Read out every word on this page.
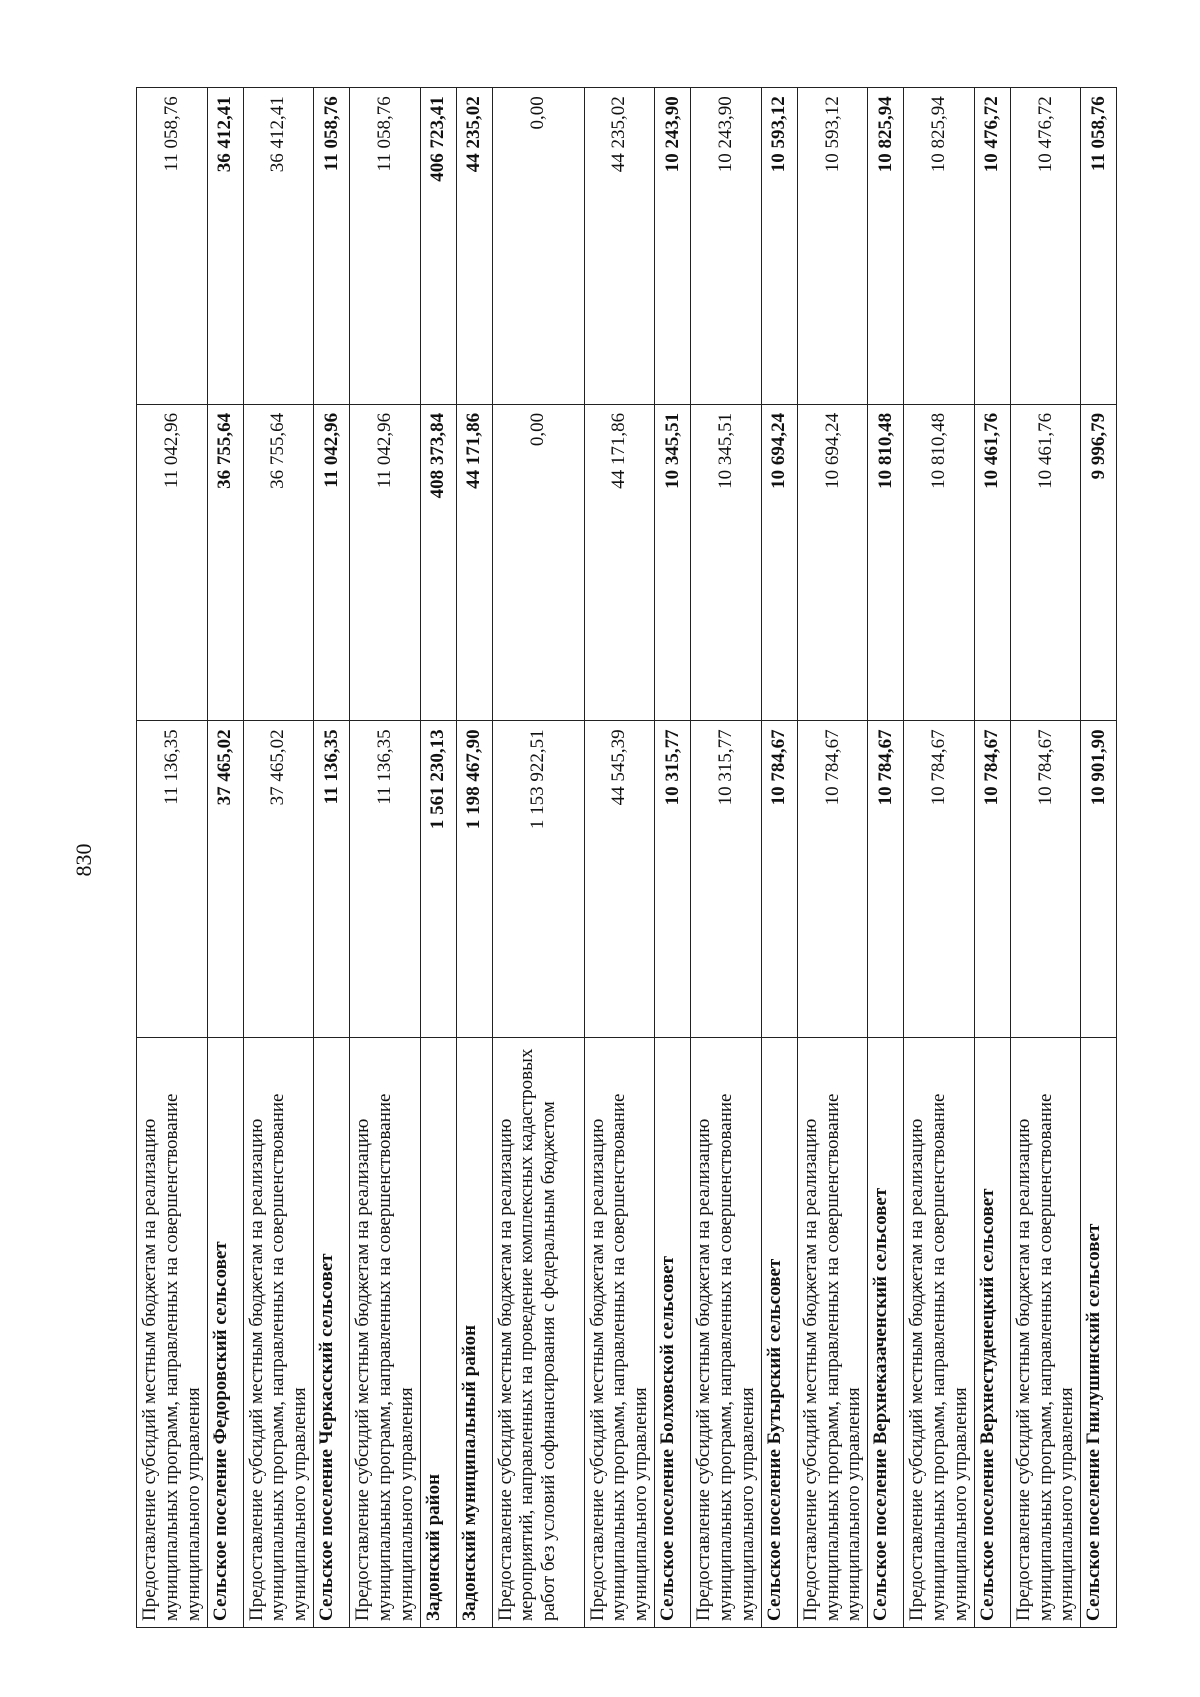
830
Предоставление субсидий местным бюджетам на реализацию муниципальных программ, направленных на совершенствование муниципального управления	11 136,35	11 042,96	11 058,76
Сельское поселение Федоровский сельсовет	37 465,02	36 755,64	36 412,41
Предоставление субсидий местным бюджетам на реализацию муниципальных программ, направленных на совершенствование муниципального управления	37 465,02	36 755,64	36 412,41
Сельское поселение Черкасский сельсовет	11 136,35	11 042,96	11 058,76
Предоставление субсидий местным бюджетам на реализацию муниципальных программ, направленных на совершенствование муниципального управления	11 136,35	11 042,96	11 058,76
Задонский район	1 561 230,13	408 373,84	406 723,41
Задонский муниципальный район	1 198 467,90	44 171,86	44 235,02
Предоставление субсидий местным бюджетам на реализацию мероприятий, направленных на проведение комплексных кадастровых работ без условий софинансирования с федеральным бюджетом	1 153 922,51	0,00	0,00
Предоставление субсидий местным бюджетам на реализацию муниципальных программ, направленных на совершенствование муниципального управления	44 545,39	44 171,86	44 235,02
Сельское поселение Болховской сельсовет	10 315,77	10 345,51	10 243,90
Предоставление субсидий местным бюджетам на реализацию муниципальных программ, направленных на совершенствование муниципального управления	10 315,77	10 345,51	10 243,90
Сельское поселение Бутырский сельсовет	10 784,67	10 694,24	10 593,12
Предоставление субсидий местным бюджетам на реализацию муниципальных программ, направленных на совершенствование муниципального управления	10 784,67	10 694,24	10 593,12
Сельское поселение Верхнеказаченский сельсовет	10 784,67	10 810,48	10 825,94
Предоставление субсидий местным бюджетам на реализацию муниципальных программ, направленных на совершенствование муниципального управления	10 784,67	10 810,48	10 825,94
Сельское поселение Верхнестуденецкий сельсовет	10 784,67	10 461,76	10 476,72
Предоставление субсидий местным бюджетам на реализацию муниципальных программ, направленных на совершенствование муниципального управления	10 784,67	10 461,76	10 476,72
Сельское поселение Гнилушинский сельсовет	10 901,90	9 996,79	11 058,76
